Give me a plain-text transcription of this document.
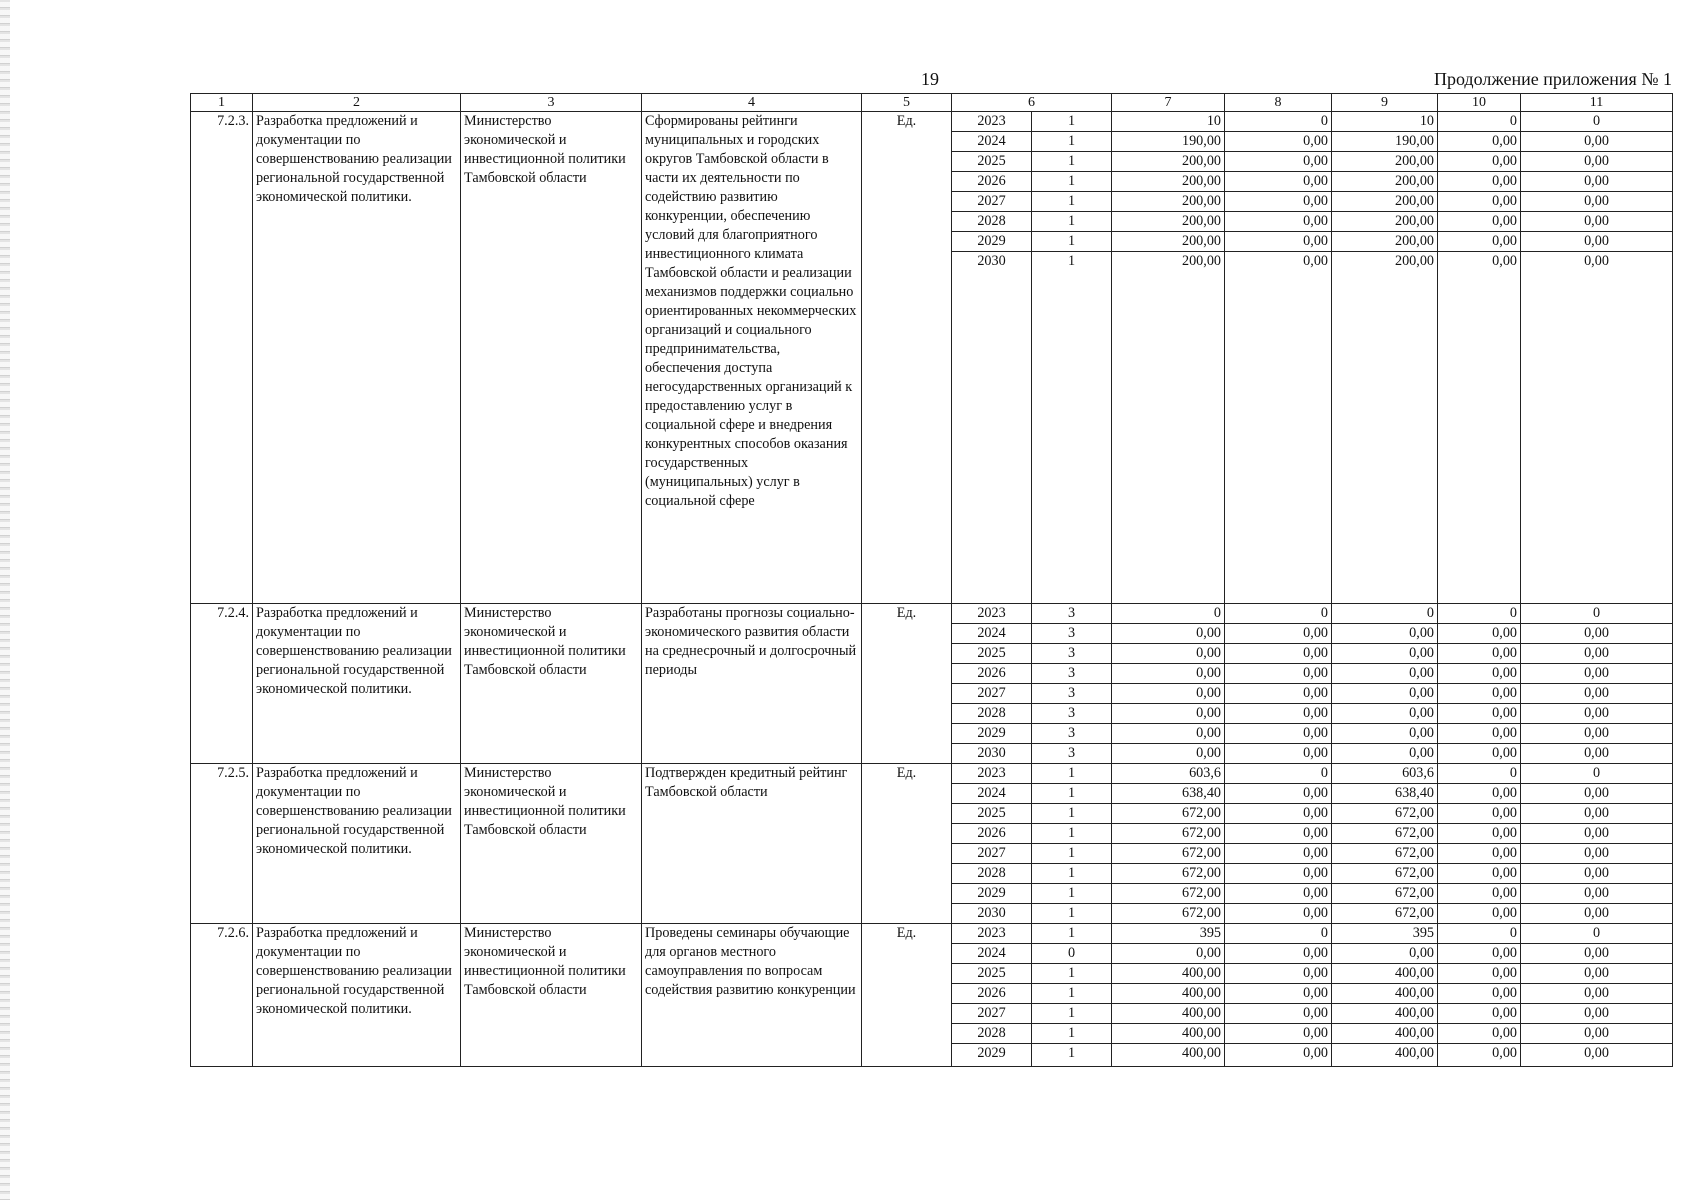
19	Продолжение приложения № 1
1	2	3	4	5	6		7	8	9	10	11
7.2.3.	Разработка предложений и документации по совершенствованию реализации региональной государственной экономической политики.	Министерство экономической и инвестиционной политики Тамбовской области	Сформированы рейтинги муниципальных и городских округов Тамбовской области в части их деятельности по содействию развитию конкуренции, обеспечению условий для благоприятного инвестиционного климата Тамбовской области и реализации механизмов поддержки социально ориентированных некоммерческих организаций и социального предпринимательства, обеспечения доступа негосударственных организаций к предоставлению услуг в социальной сфере и внедрения конкурентных способов оказания государственных (муниципальных) услуг в социальной сфере	Ед.	2023	1	10	0	10	0	0
					2024	1	190,00	0,00	190,00	0,00	0,00
					2025	1	200,00	0,00	200,00	0,00	0,00
					2026	1	200,00	0,00	200,00	0,00	0,00
					2027	1	200,00	0,00	200,00	0,00	0,00
					2028	1	200,00	0,00	200,00	0,00	0,00
					2029	1	200,00	0,00	200,00	0,00	0,00
					2030	1	200,00	0,00	200,00	0,00	0,00
7.2.4.	Разработка предложений и документации по совершенствованию реализации региональной государственной экономической политики.	Министерство экономической и инвестиционной политики Тамбовской области	Разработаны прогнозы социально-экономического развития области на среднесрочный и долгосрочный периоды	Ед.	2023	3	0	0	0	0	0
					2024	3	0,00	0,00	0,00	0,00	0,00
					2025	3	0,00	0,00	0,00	0,00	0,00
					2026	3	0,00	0,00	0,00	0,00	0,00
					2027	3	0,00	0,00	0,00	0,00	0,00
					2028	3	0,00	0,00	0,00	0,00	0,00
					2029	3	0,00	0,00	0,00	0,00	0,00
					2030	3	0,00	0,00	0,00	0,00	0,00
7.2.5.	Разработка предложений и документации по совершенствованию реализации региональной государственной экономической политики.	Министерство экономической и инвестиционной политики Тамбовской области	Подтвержден кредитный рейтинг Тамбовской области	Ед.	2023	1	603,6	0	603,6	0	0
					2024	1	638,40	0,00	638,40	0,00	0,00
					2025	1	672,00	0,00	672,00	0,00	0,00
					2026	1	672,00	0,00	672,00	0,00	0,00
					2027	1	672,00	0,00	672,00	0,00	0,00
					2028	1	672,00	0,00	672,00	0,00	0,00
					2029	1	672,00	0,00	672,00	0,00	0,00
					2030	1	672,00	0,00	672,00	0,00	0,00
7.2.6.	Разработка предложений и документации по совершенствованию реализации региональной государственной экономической политики.	Министерство экономической и инвестиционной политики Тамбовской области	Проведены семинары обучающие для органов местного самоуправления по вопросам содействия развитию конкуренции	Ед.	2023	1	395	0	395	0	0
					2024	0	0,00	0,00	0,00	0,00	0,00
					2025	1	400,00	0,00	400,00	0,00	0,00
					2026	1	400,00	0,00	400,00	0,00	0,00
					2027	1	400,00	0,00	400,00	0,00	0,00
					2028	1	400,00	0,00	400,00	0,00	0,00
					2029	1	400,00	0,00	400,00	0,00	0,00
